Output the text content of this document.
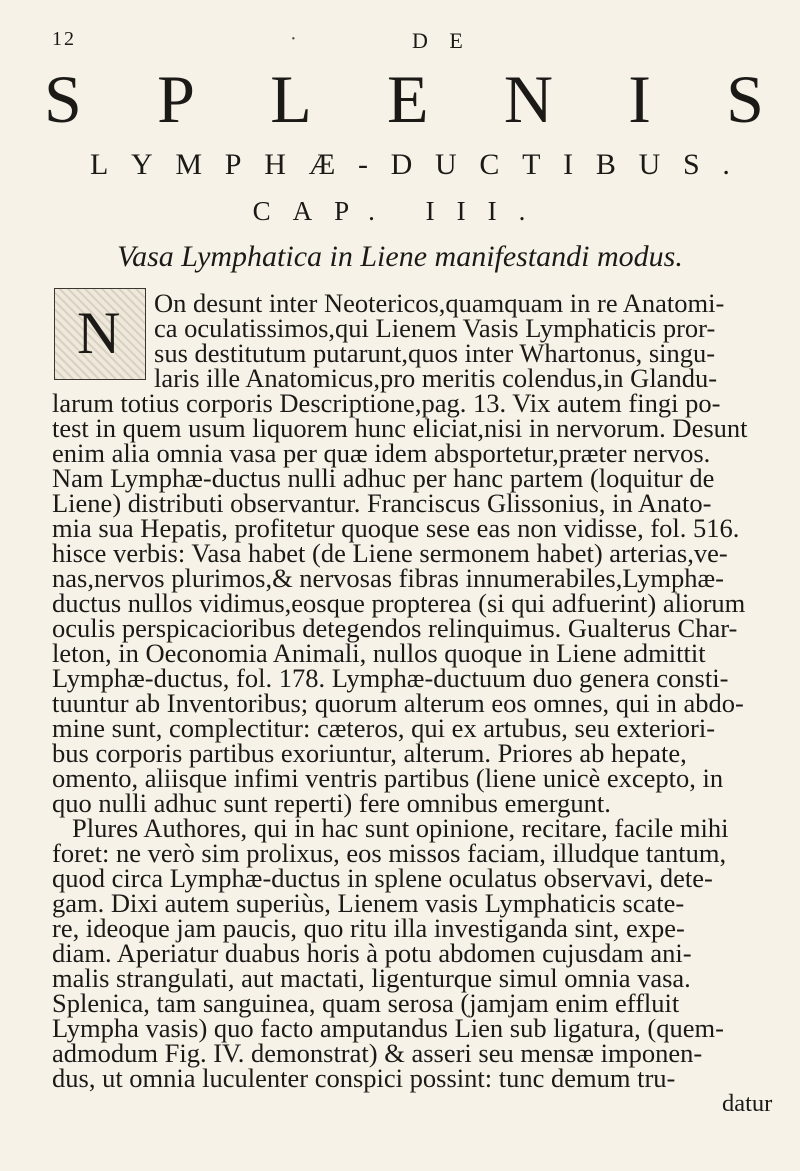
12	·	D E
S P L E N I S
L Y M P H Æ - D U C T I B U S .
CAP. III.
Vasa Lymphatica in Liene manifestandi modus.
N On desunt inter Neotericos,quamquam in re Anatomi-
ca oculatissimos,qui Lienem Vasis Lymphaticis pror-
sus destitutum putarunt,quos inter Whartonus, singu-
laris ille Anatomicus,pro meritis colendus,in Glandu-
larum totius corporis Descriptione,pag. 13. Vix autem fingi po-
test in quem usum liquorem hunc eliciat,nisi in nervorum. Desunt
enim alia omnia vasa per quæ idem absportetur,præter nervos.
Nam Lymphæ-ductus nulli adhuc per hanc partem (loquitur de
Liene) distributi observantur. Franciscus Glissonius, in Anato-
mia sua Hepatis, profitetur quoque sese eas non vidisse, fol. 516.
hisce verbis: Vasa habet (de Liene sermonem habet) arterias,ve-
nas,nervos plurimos,& nervosas fibras innumerabiles,Lymphæ-
ductus nullos vidimus,eosque propterea (si qui adfuerint) aliorum
oculis perspicacioribus detegendos relinquimus. Gualterus Char-
leton, in Oeconomia Animali, nullos quoque in Liene admittit
Lymphæ-ductus, fol. 178. Lymphæ-ductuum duo genera consti-
tuuntur ab Inventoribus; quorum alterum eos omnes, qui in abdo-
mine sunt, complectitur: cæteros, qui ex artubus, seu exteriori-
bus corporis partibus exoriuntur, alterum. Priores ab hepate,
omento, aliisque infimi ventris partibus (liene unicè excepto, in
quo nulli adhuc sunt reperti) fere omnibus emergunt.
Plures Authores, qui in hac sunt opinione, recitare, facile mihi
foret: ne verò sim prolixus, eos missos faciam, illudque tantum,
quod circa Lymphæ-ductus in splene oculatus observavi, dete-
gam. Dixi autem superiùs, Lienem vasis Lymphaticis scate-
re, ideoque jam paucis, quo ritu illa investiganda sint, expe-
diam. Aperiatur duabus horis à potu abdomen cujusdam ani-
malis strangulati, aut mactati, ligenturque simul omnia vasa.
Splenica, tam sanguinea, quam serosa (jamjam enim effluit
Lympha vasis) quo facto amputandus Lien sub ligatura, (quem-
admodum Fig. IV. demonstrat) & asseri seu mensæ imponen-
dus, ut omnia luculenter conspici possint: tunc demum tru-
datur
